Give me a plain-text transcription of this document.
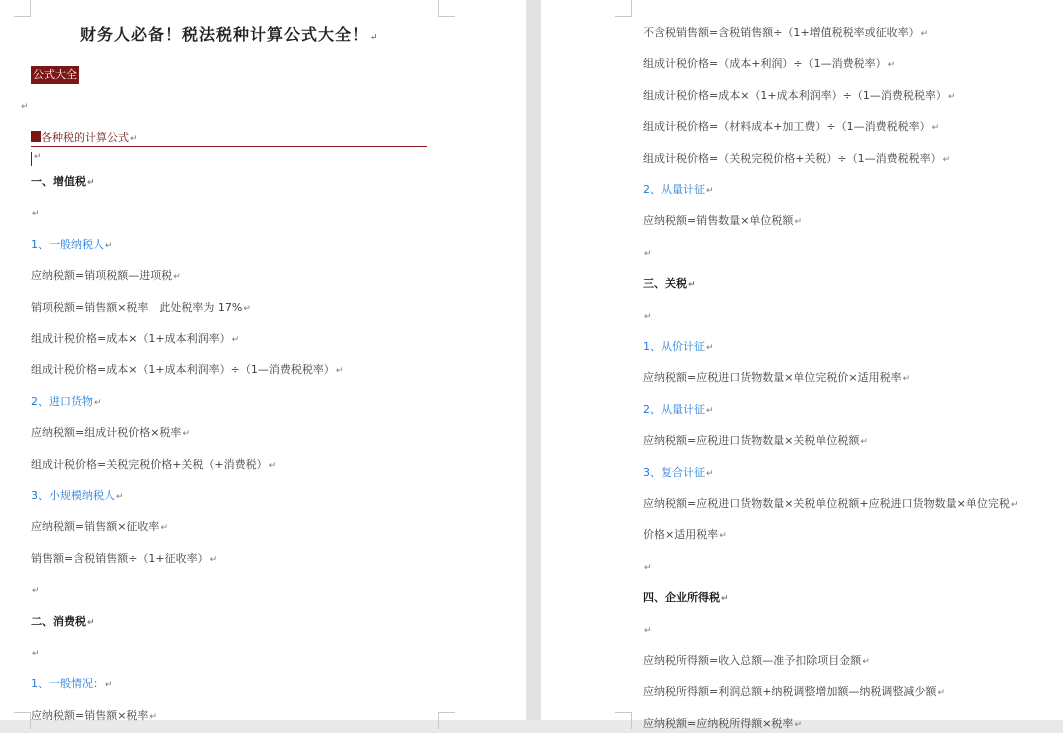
财务人必备！税法税种计算公式大全！↵
公式大全
↵
各种税的计算公式↵
↵
一、增值税↵
↵
1、一般纳税人↵
应纳税额=销项税额—进项税↵
销项税额=销售额×税率　此处税率为 17%↵
组成计税价格=成本×（1+成本利润率）↵
组成计税价格=成本×（1+成本利润率）÷（1—消费税税率）↵
2、进口货物↵
应纳税额=组成计税价格×税率↵
组成计税价格=关税完税价格+关税（+消费税）↵
3、小规模纳税人↵
应纳税额=销售额×征收率↵
销售额=含税销售额÷（1+征收率）↵
↵
二、消费税↵
↵
1、一般情况：↵
应纳税额=销售额×税率↵
不含税销售额=含税销售额÷（1+增值税税率或征收率）↵
组成计税价格=（成本+利润）÷（1—消费税率）↵
组成计税价格=成本×（1+成本利润率）÷（1—消费税税率）↵
组成计税价格=（材料成本+加工费）÷（1—消费税税率）↵
组成计税价格=（关税完税价格+关税）÷（1—消费税税率）↵
2、从量计征↵
应纳税额=销售数量×单位税额↵
↵
三、关税↵
↵
1、从价计征↵
应纳税额=应税进口货物数量×单位完税价×适用税率↵
2、从量计征↵
应纳税额=应税进口货物数量×关税单位税额↵
3、复合计征↵
应纳税额=应税进口货物数量×关税单位税额+应税进口货物数量×单位完税↵
价格×适用税率↵
↵
四、企业所得税↵
↵
应纳税所得额=收入总额—准予扣除项目金额↵
应纳税所得额=利润总额+纳税调整增加额—纳税调整减少额↵
应纳税额=应纳税所得额×税率↵
